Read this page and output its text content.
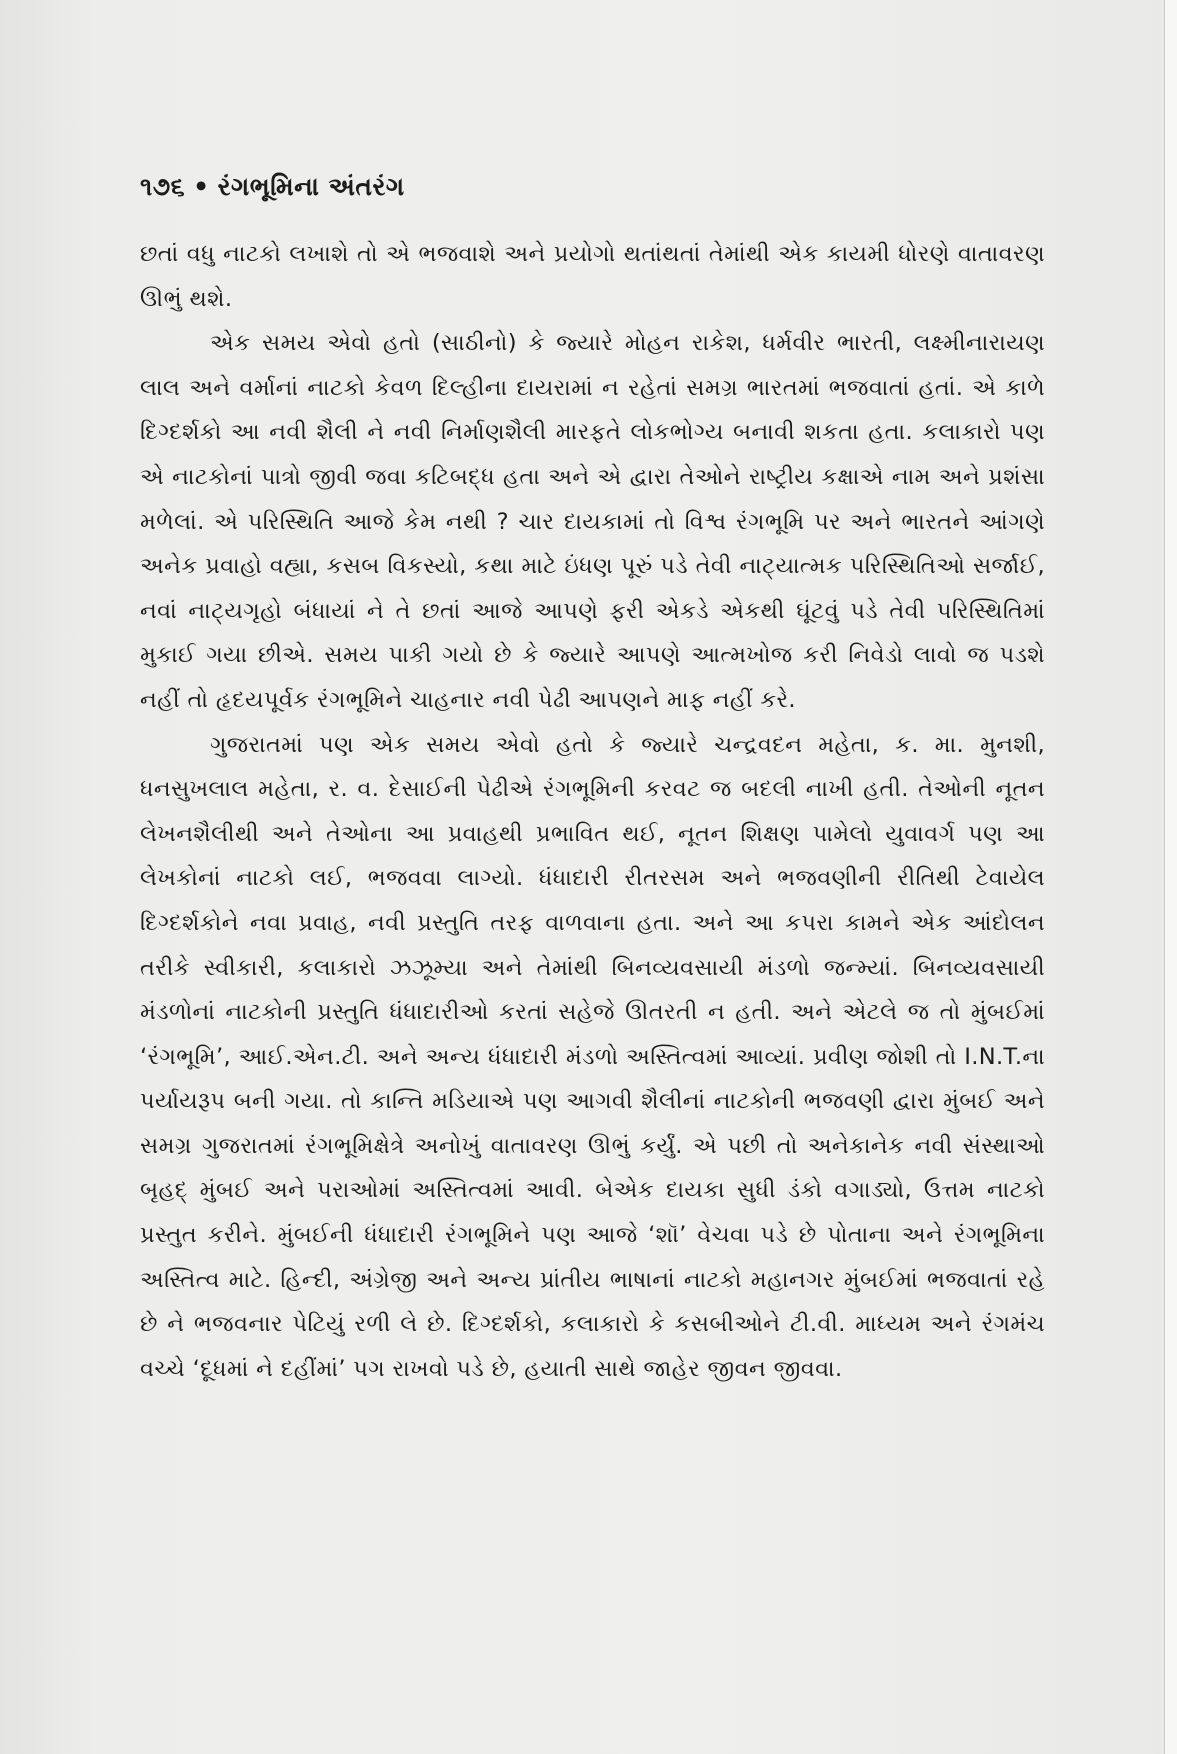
૧૭૬ • રંગભૂમિના અંતરંગ

છતાં વધુ નાટકો લખાશે તો એ ભજવાશે અને પ્રયોગો થતાંથતાં તેમાંથી એક કાયમી ધોરણે વાતાવરણ ઊભું થશે.

એક સમય એવો હતો (સાઠીનો) કે જ્યારે મોહન રાકેશ, ધર્મવીર ભારતી, લક્ષ્મીનારાયણ લાલ અને વર્માનાં નાટકો કેવળ દિલ્હીના દાયરામાં ન રહેતાં સમગ્ર ભારતમાં ભજવાતાં હતાં. એ કાળે દિગ્દર્શકો આ નવી શૈલી ને નવી નિર્માણશૈલી મારફતે લોકભોગ્ય બનાવી શકતા હતા. કલાકારો પણ એ નાટકોનાં પાત્રો જીવી જવા કટિબદ્ધ હતા અને એ દ્વારા તેઓને રાષ્ટ્રીય કક્ષાએ નામ અને પ્રશંસા મળેલાં. એ પરિસ્થિતિ આજે કેમ નથી ? ચાર દાયકામાં તો વિશ્વ રંગભૂમિ પર અને ભારતને આંગણે અનેક પ્રવાહો વહ્યા, કસબ વિકસ્યો, કથા માટે ઇંધણ પૂરું પડે તેવી નાટ્યાત્મક પરિસ્થિતિઓ સર્જાઈ, નવાં નાટ્યગૃહો બંધાયાં ને તે છતાં આજે આપણે ફરી એકડે એકથી ઘૂંટવું પડે તેવી પરિસ્થિતિમાં મુકાઈ ગયા છીએ. સમય પાકી ગયો છે કે જ્યારે આપણે આત્મખોજ કરી નિવેડો લાવો જ પડશે નહીં તો હૃદયપૂર્વક રંગભૂમિને ચાહનાર નવી પેઢી આપણને માફ નહીં કરે.

ગુજરાતમાં પણ એક સમય એવો હતો કે જ્યારે ચન્દ્રવદન મહેતા, ક. મા. મુનશી, ધનસુખલાલ મહેતા, ર. વ. દેસાઈની પેઢીએ રંગભૂમિની કરવટ જ બદલી નાખી હતી. તેઓની નૂતન લેખનશૈલીથી અને તેઓના આ પ્રવાહથી પ્રભાવિત થઈ, નૂતન શિક્ષણ પામેલો યુવાવર્ગ પણ આ લેખકોનાં નાટકો લઈ, ભજવવા લાગ્યો. ધંધાદારી રીતરસમ અને ભજવણીની રીતિથી ટેવાયેલ દિગ્દર્શકોને નવા પ્રવાહ, નવી પ્રસ્તુતિ તરફ વાળવાના હતા. અને આ કપરા કામને એક આંદોલન તરીકે સ્વીકારી, કલાકારો ઝઝૂમ્યા અને તેમાંથી બિનવ્યવસાયી મંડળો જન્મ્યાં. બિનવ્યવસાયી મંડળોનાં નાટકોની પ્રસ્તુતિ ધંધાદારીઓ કરતાં સહેજે ઊતરતી ન હતી. અને એટલે જ તો મુંબઈમાં ‘રંગભૂમિ’, આઈ.એન.ટી. અને અન્ય ધંધાદારી મંડળો અસ્તિત્વમાં આવ્યાં. પ્રવીણ જોશી તો I.N.T.ના પર્યાયરૂપ બની ગયા. તો કાન્તિ મડિયાએ પણ આગવી શૈલીનાં નાટકોની ભજવણી દ્વારા મુંબઈ અને સમગ્ર ગુજરાતમાં રંગભૂમિક્ષેત્રે અનોખું વાતાવરણ ઊભું કર્યું. એ પછી તો અનેકાનેક નવી સંસ્થાઓ બૃહદ્ મુંબઈ અને પરાઓમાં અસ્તિત્વમાં આવી. બેએક દાયકા સુધી ડંકો વગાડ્યો, ઉત્તમ નાટકો પ્રસ્તુત કરીને. મુંબઈની ધંધાદારી રંગભૂમિને પણ આજે ‘શૉ’ વેચવા પડે છે પોતાના અને રંગભૂમિના અસ્તિત્વ માટે. હિન્દી, અંગ્રેજી અને અન્ય પ્રાંતીય ભાષાનાં નાટકો મહાનગર મુંબઈમાં ભજવાતાં રહે છે ને ભજવનાર પેટિયું રળી લે છે. દિગ્દર્શકો, કલાકારો કે કસબીઓને ટી.વી. માધ્યમ અને રંગમંચ વચ્ચે ‘દૂધમાં ને દહીંમાં’ પગ રાખવો પડે છે, હયાતી સાથે જાહેર જીવન જીવવા.
